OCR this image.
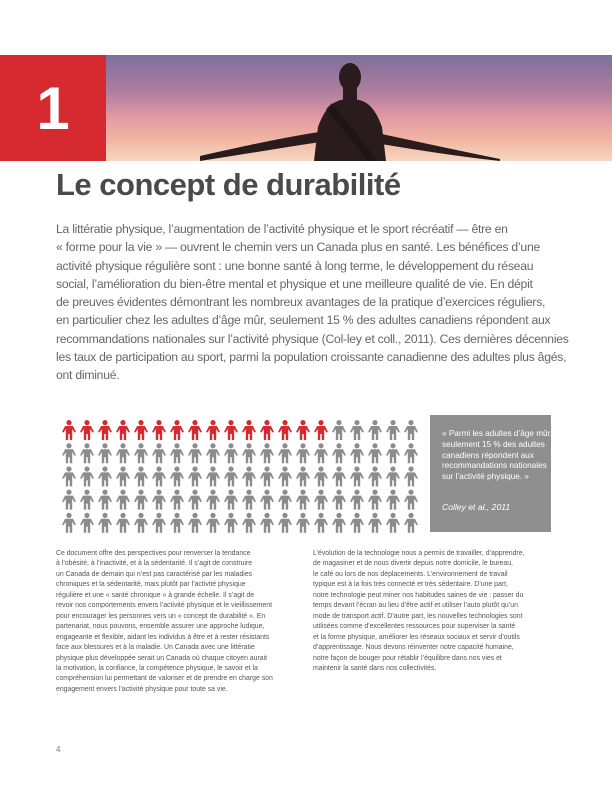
1
Le concept de durabilité
La littératie physique, l’augmentation de l’activité physique et le sport récréatif — être en
« forme pour la vie » — ouvrent le chemin vers un Canada plus en santé. Les bénéfices d’une
activité physique régulière sont : une bonne santé à long terme, le développement du réseau
social, l’amélioration du bien-être mental et physique et une meilleure qualité de vie. En dépit
de preuves évidentes démontrant les nombreux avantages de la pratique d’exercices réguliers,
en particulier chez les adultes d’âge mûr, seulement 15 % des adultes canadiens répondent aux
recommandations nationales sur l’activité physique (Col-ley et coll., 2011). Ces dernières décennies
les taux de participation au sport, parmi la population croissante canadienne des adultes plus âgés,
ont diminué.
« Parmi les adultes d’âge mûr,
seulement 15 % des adultes
canadiens répondent aux
recommandations nationales
sur l’activité physique. »
Colley et al., 2011
Ce document offre des perspectives pour renverser la tendance
à l’obésité, à l’inactivité, et à la sédentarité. Il s’agit de construire
un Canada de demain qui n’est pas caractérisé par les maladies
chroniques et la sédentarité, mais plutôt par l’activité physique
régulière et une « santé chronique » à grande échelle. Il s’agit de
revoir nos comportements envers l’activité physique et le vieillissement
pour encourager les personnes vers un « concept de durabilité ». En
partenariat, nous pouvons, ensemble assurer une approche ludique,
engageante et flexible, aidant les individus à être et à rester résistants
face aux blessures et à la maladie. Un Canada avec une littératie
physique plus développée serait un Canada où chaque citoyen aurait
la motivation, la confiance, la compétence physique, le savoir et la
compréhension lui permettant de valoriser et de prendre en charge son
engagement envers l’activité physique pour toute sa vie.
L’évolution de la technologie nous a permis de travailler, d’apprendre,
de magasiner et de nous divertir depuis notre domicile, le bureau,
le café ou lors de nos déplacements. L’environnement de travail
typique est à la fois très connecté et très sédentaire. D’une part,
notre technologie peut miner nos habitudes saines de vie : passer du
temps devant l’écran au lieu d’être actif et utiliser l’auto plutôt qu’un
mode de transport actif. D’autre part, les nouvelles technologies sont
utilisées comme d’excellentes ressources pour superviser la santé
et la forme physique, améliorer les réseaux sociaux et servir d’outils
d’apprentissage. Nous devons réinventer notre capacité humaine,
notre façon de bouger pour rétablir l’équilibre dans nos vies et
maintenir la santé dans nos collectivités.
4
